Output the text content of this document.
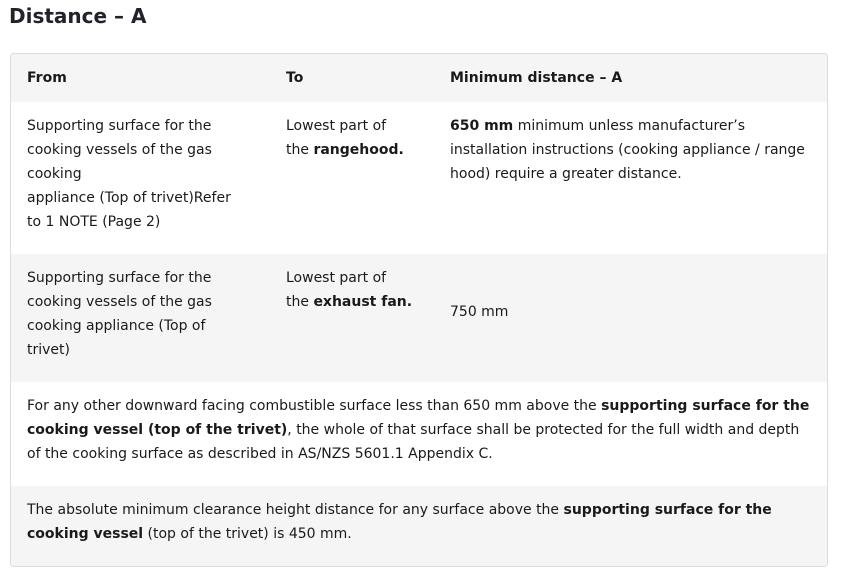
Distance – A
From	To	Minimum distance – A
Supporting surface for the
cooking vessels of the gas
cooking
appliance (Top of trivet)Refer
to 1 NOTE (Page 2)
Lowest part of
the rangehood.
650 mm minimum unless manufacturer’s installation instructions (cooking appliance / range hood) require a greater distance.
Supporting surface for the
cooking vessels of the gas
cooking appliance (Top of
trivet)
Lowest part of
the exhaust fan.
750 mm
For any other downward facing combustible surface less than 650 mm above the supporting surface for the cooking vessel (top of the trivet), the whole of that surface shall be protected for the full width and depth of the cooking surface as described in AS/NZS 5601.1 Appendix C.
The absolute minimum clearance height distance for any surface above the supporting surface for the cooking vessel (top of the trivet) is 450 mm.
